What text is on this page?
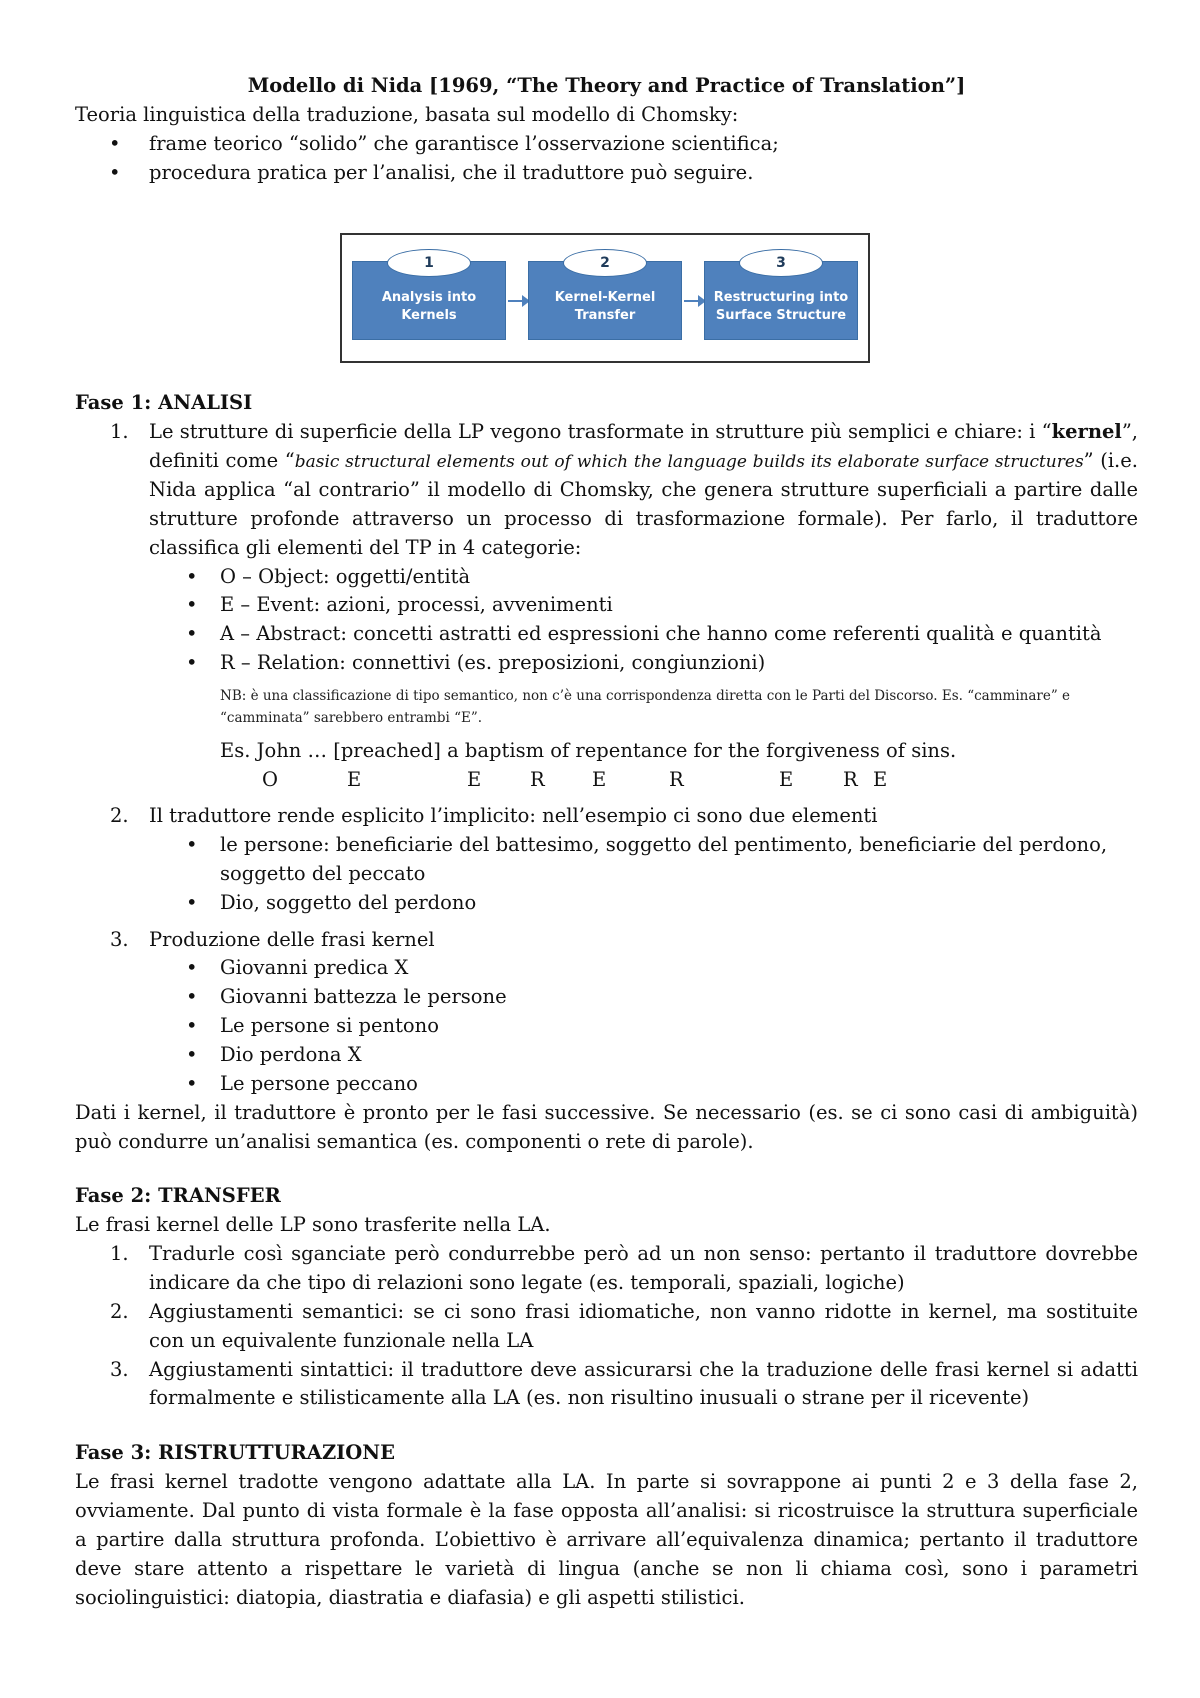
Modello di Nida [1969, “The Theory and Practice of Translation”]

Teoria linguistica della traduzione, basata sul modello di Chomsky:

• frame teorico “solido” che garantisce l’osservazione scientifica;
• procedura pratica per l’analisi, che il traduttore può seguire.
Analysis into Kernels
1
Kernel-Kernel Transfer
2
Restructuring into Surface Structure
3

Fase 1: ANALISI

1. Le strutture di superficie della LP vegono trasformate in strutture più semplici e chiare: i “kernel”, definiti come “basic structural elements out of which the language builds its elaborate surface structures” (i.e. Nida applica “al contrario” il modello di Chomsky, che genera strutture superficiali a partire dalle strutture profonde attraverso un processo di trasformazione formale). Per farlo, il traduttore classifica gli elementi del TP in 4 categorie:
• O – Object: oggetti/entità
• E – Event: azioni, processi, avvenimenti
• A – Abstract: concetti astratti ed espressioni che hanno come referenti qualità e quantità
• R – Relation: connettivi (es. preposizioni, congiunzioni)

NB: è una classificazione di tipo semantico, non c’è una corrispondenza diretta con le Parti del Discorso. Es. “camminare” e “camminata” sarebbero entrambi “E”.

Es. John … [preached] a baptism of repentance for the forgiveness of sins.

O	E	E	R E	R	E	R E
2. Il traduttore rende esplicito l’implicito: nell’esempio ci sono due elementi
• le persone: beneficiarie del battesimo, soggetto del pentimento, beneficiarie del perdono, soggetto del peccato
• Dio, soggetto del perdono
3. Produzione delle frasi kernel
• Giovanni predica X
• Giovanni battezza le persone
• Le persone si pentono
• Dio perdona X
• Le persone peccano

Dati i kernel, il traduttore è pronto per le fasi successive. Se necessario (es. se ci sono casi di ambiguità) può condurre un’analisi semantica (es. componenti o rete di parole).

Fase 2: TRANSFER

Le frasi kernel delle LP sono trasferite nella LA.

1. Tradurle così sganciate però condurrebbe però ad un non senso: pertanto il traduttore dovrebbe indicare da che tipo di relazioni sono legate (es. temporali, spaziali, logiche)
2. Aggiustamenti semantici: se ci sono frasi idiomatiche, non vanno ridotte in kernel, ma sostituite con un equivalente funzionale nella LA
3. Aggiustamenti sintattici: il traduttore deve assicurarsi che la traduzione delle frasi kernel si adatti formalmente e stilisticamente alla LA (es. non risultino inusuali o strane per il ricevente)

Fase 3: RISTRUTTURAZIONE

Le frasi kernel tradotte vengono adattate alla LA. In parte si sovrappone ai punti 2 e 3 della fase 2, ovviamente. Dal punto di vista formale è la fase opposta all’analisi: si ricostruisce la struttura superficiale a partire dalla struttura profonda. L’obiettivo è arrivare all’equivalenza dinamica; pertanto il traduttore deve stare attento a rispettare le varietà di lingua (anche se non li chiama così, sono i parametri sociolinguistici: diatopia, diastratia e diafasia) e gli aspetti stilistici.
